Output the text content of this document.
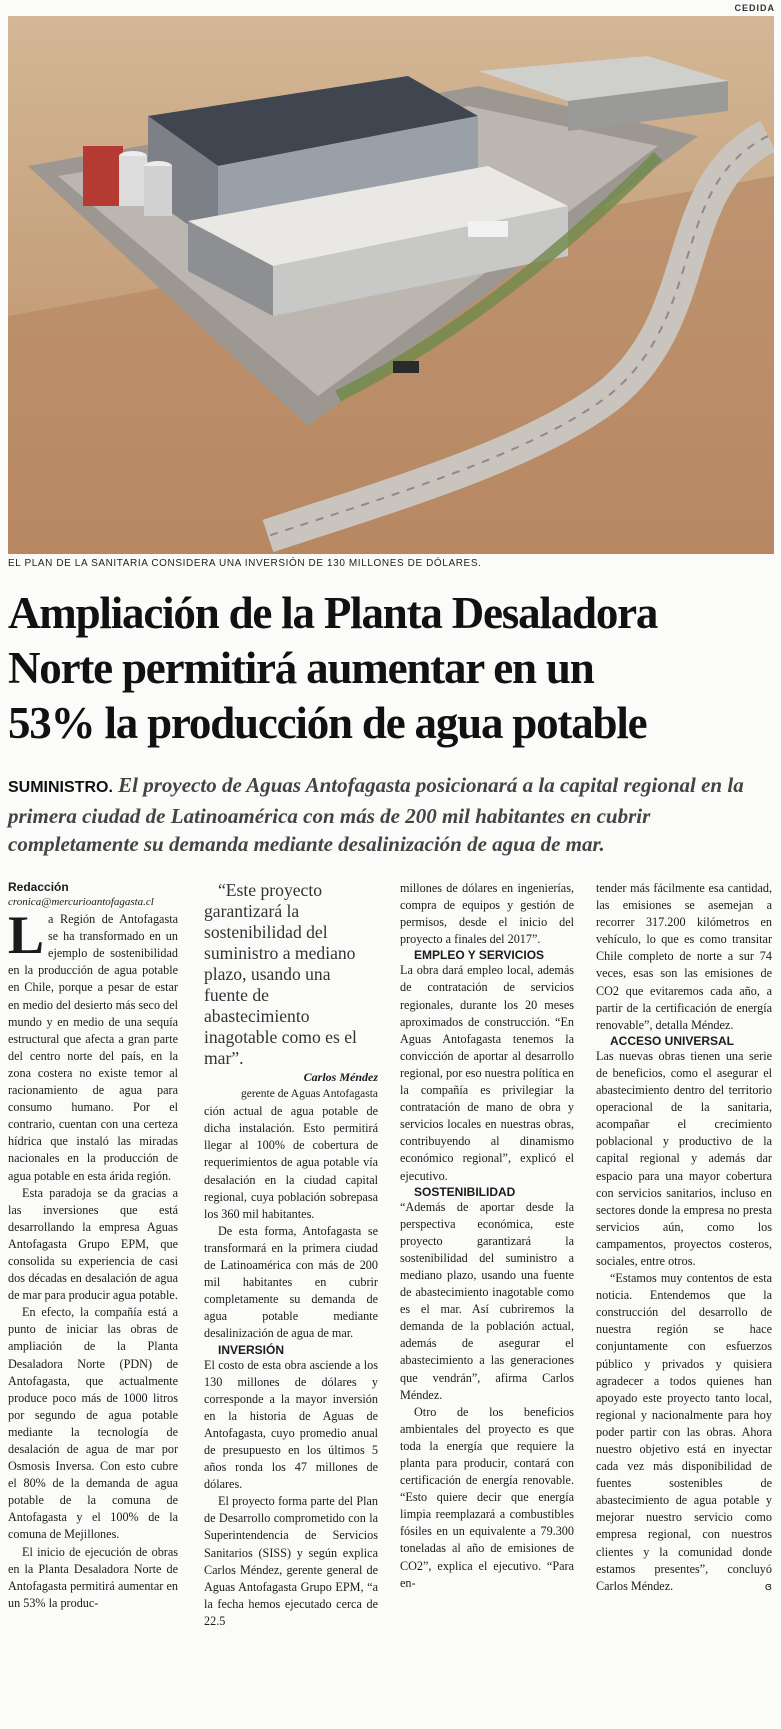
CEDIDA
EL PLAN DE LA SANITARIA CONSIDERA UNA INVERSIÓN DE 130 MILLONES DE DÓLARES.
Ampliación de la Planta Desaladora
Norte permitirá aumentar en un
53% la producción de agua potable
SUMINISTRO. El proyecto de Aguas Antofagasta posicionará a la capital regional en la primera ciudad de Latinoamérica con más de 200 mil habitantes en cubrir completamente su demanda mediante desalinización de agua de mar.

Redacción

cronica@mercurioantofagasta.cl

La Región de Antofagasta se ha transformado en un ejemplo de sostenibilidad en la producción de agua potable en Chile, porque a pesar de estar en medio del desierto más seco del mundo y en medio de una sequía estructural que afecta a gran parte del centro norte del país, en la zona costera no existe temor al racionamiento de agua para consumo humano. Por el contrario, cuentan con una certeza hídrica que instaló las miradas nacionales en la producción de agua potable en esta árida región.

Esta paradoja se da gracias a las inversiones que está desarrollando la empresa Aguas Antofagasta Grupo EPM, que consolida su experiencia de casi dos décadas en desalación de agua de mar para producir agua potable.

En efecto, la compañía está a punto de iniciar las obras de ampliación de la Planta Desaladora Norte (PDN) de Antofagasta, que actualmente produce poco más de 1000 litros por segundo de agua potable mediante la tecnología de desalación de agua de mar por Osmosis Inversa. Con esto cubre el 80% de la demanda de agua potable de la comuna de Antofagasta y el 100% de la comuna de Mejillones.

El inicio de ejecución de obras en la Planta Desaladora Norte de Antofagasta permitirá aumentar en un 53% la produc-

“Este proyecto garantizará la sostenibilidad del suministro a mediano plazo, usando una fuente de abastecimiento inagotable como es el mar”.

Carlos Méndez

gerente de Aguas Antofagasta

ción actual de agua potable de dicha instalación. Esto permitirá llegar al 100% de cobertura de requerimientos de agua potable vía desalación en la ciudad capital regional, cuya población sobrepasa los 360 mil habitantes.

De esta forma, Antofagasta se transformará en la primera ciudad de Latinoamérica con más de 200 mil habitantes en cubrir completamente su demanda de agua potable mediante desalinización de agua de mar.

INVERSIÓN

El costo de esta obra asciende a los 130 millones de dólares y corresponde a la mayor inversión en la historia de Aguas de Antofagasta, cuyo promedio anual de presupuesto en los últimos 5 años ronda los 47 millones de dólares.

El proyecto forma parte del Plan de Desarrollo comprometido con la Superintendencia de Servicios Sanitarios (SISS) y según explica Carlos Méndez, gerente general de Aguas Antofagasta Grupo EPM, “a la fecha hemos ejecutado cerca de 22.5

millones de dólares en ingenierías, compra de equipos y gestión de permisos, desde el inicio del proyecto a finales del 2017”.

EMPLEO Y SERVICIOS

La obra dará empleo local, además de contratación de servicios regionales, durante los 20 meses aproximados de construcción. “En Aguas Antofagasta tenemos la convicción de aportar al desarrollo regional, por eso nuestra política en la compañía es privilegiar la contratación de mano de obra y servicios locales en nuestras obras, contribuyendo al dinamismo económico regional”, explicó el ejecutivo.

SOSTENIBILIDAD

“Además de aportar desde la perspectiva económica, este proyecto garantizará la sostenibilidad del suministro a mediano plazo, usando una fuente de abastecimiento inagotable como es el mar. Así cubriremos la demanda de la población actual, además de asegurar el abastecimiento a las generaciones que vendrán”, afirma Carlos Méndez.

Otro de los beneficios ambientales del proyecto es que toda la energía que requiere la planta para producir, contará con certificación de energía renovable. “Esto quiere decir que energía limpia reemplazará a combustibles fósiles en un equivalente a 79.300 toneladas al año de emisiones de CO2”, explica el ejecutivo. “Para en-

tender más fácilmente esa cantidad, las emisiones se asemejan a recorrer 317.200 kilómetros en vehículo, lo que es como transitar Chile completo de norte a sur 74 veces, esas son las emisiones de CO2 que evitaremos cada año, a partir de la certificación de energía renovable”, detalla Méndez.

ACCESO UNIVERSAL

Las nuevas obras tienen una serie de beneficios, como el asegurar el abastecimiento dentro del territorio operacional de la sanitaria, acompañar el crecimiento poblacional y productivo de la capital regional y además dar espacio para una mayor cobertura con servicios sanitarios, incluso en sectores donde la empresa no presta servicios aún, como los campamentos, proyectos costeros, sociales, entre otros.

“Estamos muy contentos de esta noticia. Entendemos que la construcción del desarrollo de nuestra región se hace conjuntamente con esfuerzos público y privados y quisiera agradecer a todos quienes han apoyado este proyecto tanto local, regional y nacionalmente para hoy poder partir con las obras. Ahora nuestro objetivo está en inyectar cada vez más disponibilidad de fuentes sostenibles de abastecimiento de agua potable y mejorar nuestro servicio como empresa regional, con nuestros clientes y la comunidad donde estamos presentes”, concluyó Carlos Méndez.	ɞ
